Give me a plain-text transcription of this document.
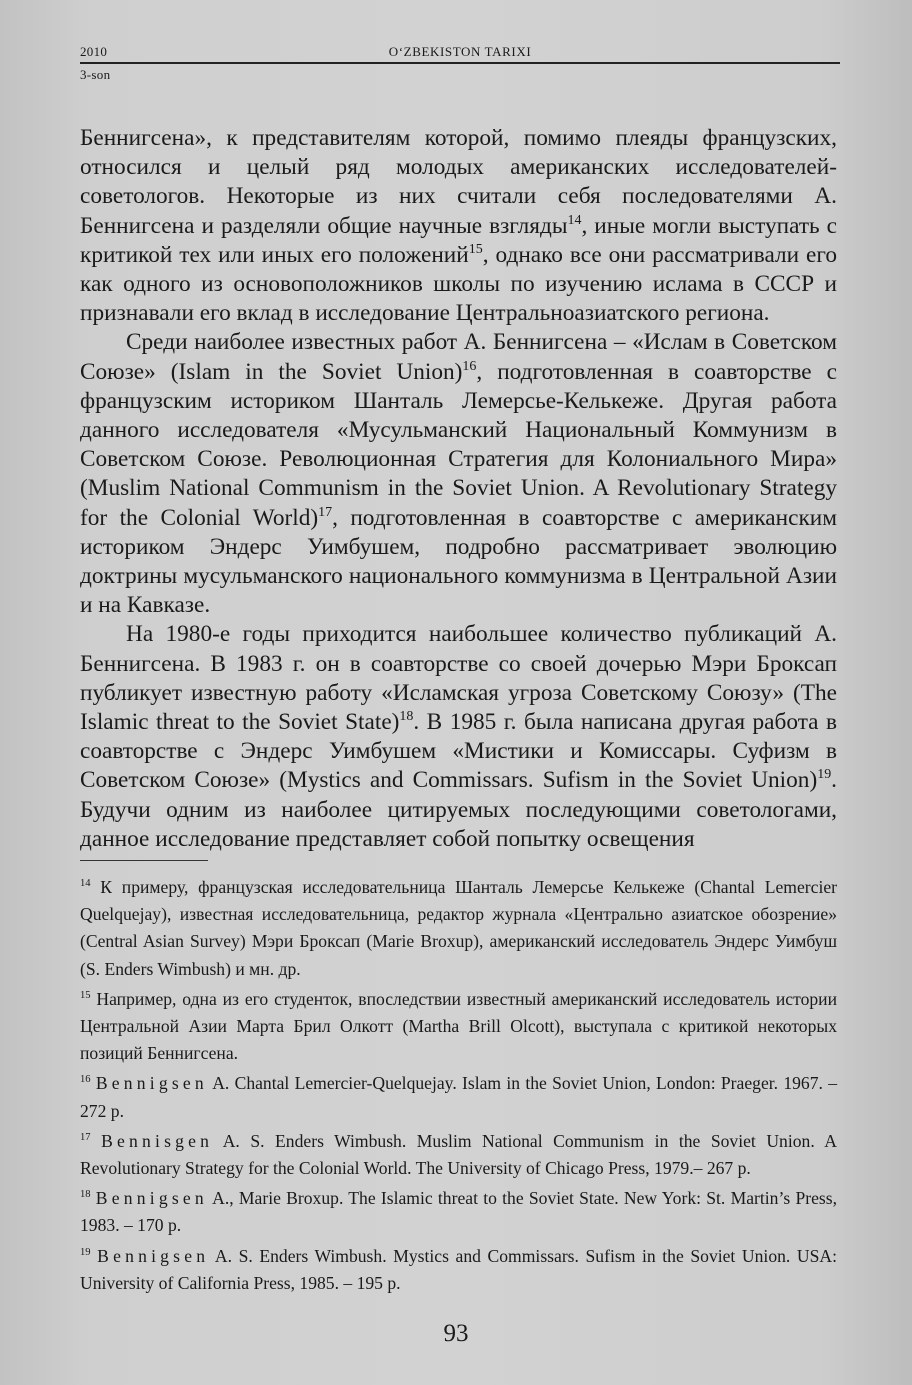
2010	O‘ZBEKISTON TARIXI
3-son

Беннигсена», к представителям которой, помимо плеяды французских, относился и целый ряд молодых американских исследователей-советологов. Некоторые из них считали себя последователями А. Беннигсена и разделяли общие научные взгляды$^{14}$, иные могли выступать с критикой тех или иных его положений$^{15}$, однако все они рассматривали его как одного из основоположников школы по изучению ислама в СССР и признавали его вклад в исследование Центральноазиатского региона.

Среди наиболее известных работ А. Беннигсена – «Ислам в Советском Союзе» (Islam in the Soviet Union)$^{16}$, подготовленная в соавторстве с французским историком Шанталь Лемерсье-Келькеже. Другая работа данного исследователя «Мусульманский Национальный Коммунизм в Советском Союзе. Революционная Стратегия для Колониального Мира» (Muslim National Communism in the Soviet Union. A Revolutionary Strategy for the Colonial World)$^{17}$, подготовленная в соавторстве с американским историком Эндерс Уимбушем, подробно рассматривает эволюцию доктрины мусульманского национального коммунизма в Центральной Азии и на Кавказе.

На 1980-е годы приходится наибольшее количество публикаций А. Беннигсена. В 1983 г. он в соавторстве со своей дочерью Мэри Броксап публикует известную работу «Исламская угроза Советскому Союзу» (The Islamic threat to the Soviet State)$^{18}$. В 1985 г. была написана другая работа в соавторстве с Эндерс Уимбушем «Мистики и Комиссары. Суфизм в Советском Союзе» (Mystics and Commissars. Sufism in the Soviet Union)$^{19}$. Будучи одним из наиболее цитируемых последующими советологами, данное исследование представляет собой попытку освещения

$^{14}$ К примеру, французская исследовательница Шанталь Лемерсье Келькеже (Chantal Lemercier Quelquejay), известная исследовательница, редактор журнала «Центрально азиатское обозрение» (Central Asian Survey) Мэри Броксап (Marie Broxup), американский исследователь Эндерс Уимбуш (S. Enders Wimbush) и мн. др.

$^{15}$ Например, одна из его студенток, впоследствии известный американский исследователь истории Центральной Азии Марта Брил Олкотт (Martha Brill Olcott), выступала с критикой некоторых позиций Беннигсена.

$^{16}$ Bennigsen A. Chantal Lemercier-Quelquejay. Islam in the Soviet Union, London: Praeger. 1967. – 272 p.

$^{17}$ Bennisgen A. S. Enders Wimbush. Muslim National Communism in the Soviet Union. A Revolutionary Strategy for the Colonial World. The University of Chicago Press, 1979.– 267 p.

$^{18}$ Bennigsen A., Marie Broxup. The Islamic threat to the Soviet State. New York: St. Martin’s Press, 1983. – 170 p.

$^{19}$ Bennigsen A. S. Enders Wimbush. Mystics and Commissars. Sufism in the Soviet Union. USA: University of California Press, 1985. – 195 p.

93
